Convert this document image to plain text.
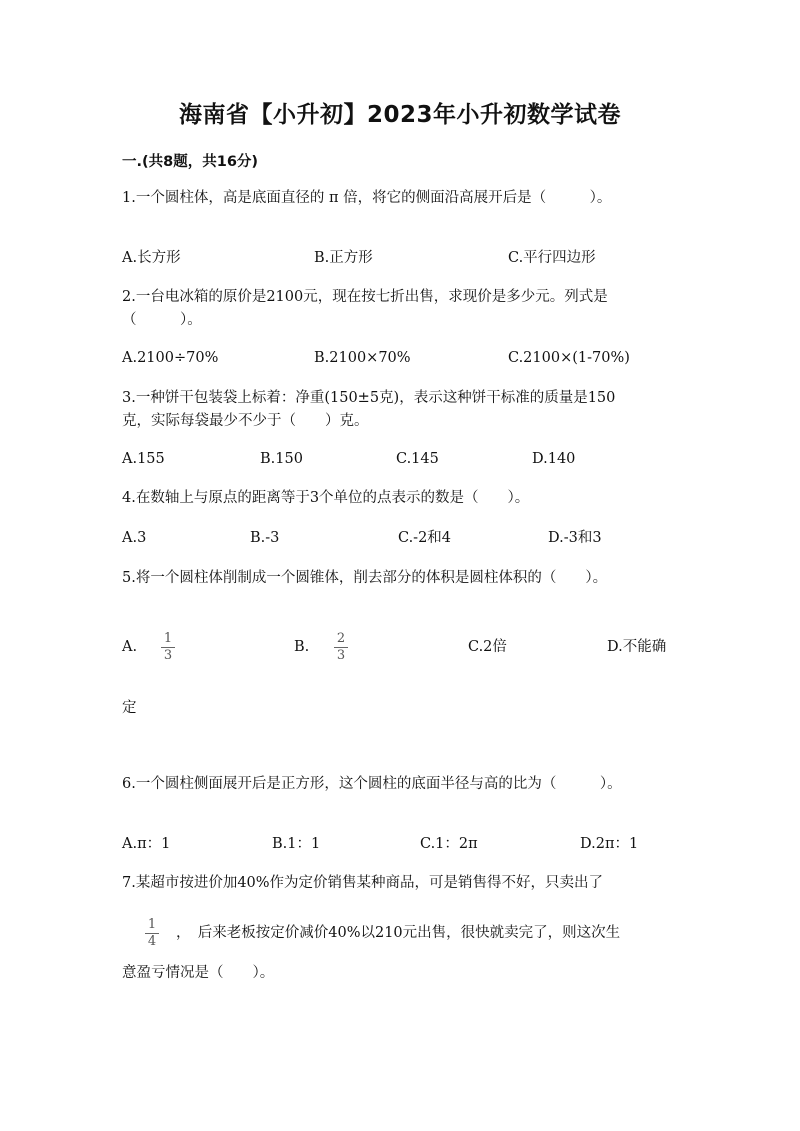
海南省【小升初】2023年小升初数学试卷
一.(共8题，共16分)
1.一个圆柱体，高是底面直径的 π 倍，将它的侧面沿高展开后是（　　　）。
A.长方形	B.正方形	C.平行四边形
2.一台电冰箱的原价是2100元，现在按七折出售，求现价是多少元。列式是
（　　　）。
A.2100÷70%	B.2100×70%	C.2100×(1-70%)
3.一种饼干包装袋上标着：净重(150±5克)，表示这种饼干标准的质量是150
克，实际每袋最少不少于（　　）克。
A.155	B.150	C.145	D.140
4.在数轴上与原点的距离等于3个单位的点表示的数是（　　）。
A.3	B.-3	C.-2和4	D.-3和3
5.将一个圆柱体削制成一个圆锥体，削去部分的体积是圆柱体积的（　　）。
A.
1
3
B.
2
3
C.2倍	D.不能确
定
6.一个圆柱侧面展开后是正方形，这个圆柱的底面半径与高的比为（　　　）。
A.π：1	B.1：1	C.1：2π	D.2π：1
7.某超市按进价加40%作为定价销售某种商品，可是销售得不好，只卖出了
1
4
，　后来老板按定价减价40%以210元出售，很快就卖完了，则这次生
意盈亏情况是（　　）。
